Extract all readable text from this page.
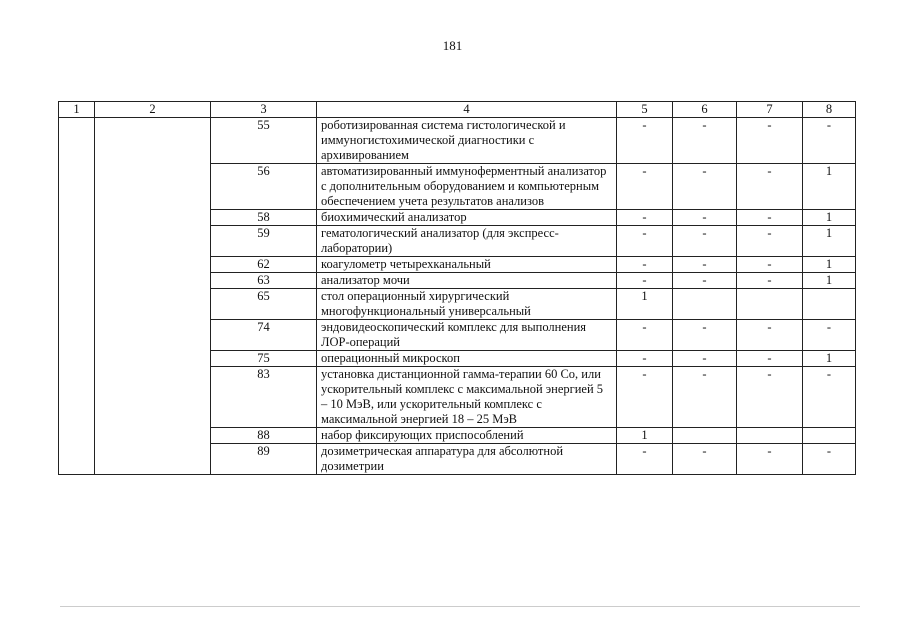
181
1	2	3	4	5	6	7	8
		55	роботизированная система гистологической и иммуногистохимической диагностики с архивированием	-	-	-	-
		56	автоматизированный иммуноферментный анализатор с дополнительным оборудованием и компьютерным обеспечением учета результатов анализов	-	-	-	1
		58	биохимический анализатор	-	-	-	1
		59	гематологический анализатор (для экспресс-лаборатории)	-	-	-	1
		62	коагулометр четырехканальный	-	-	-	1
		63	анализатор мочи	-	-	-	1
		65	стол операционный хирургический многофункциональный универсальный	1			
		74	эндовидеоскопический комплекс для выполнения ЛОР-операций	-	-	-	-
		75	операционный микроскоп	-	-	-	1
		83	установка дистанционной гамма-терапии 60 Со, или ускорительный комплекс с максимальной энергией 5 – 10 МэВ, или ускорительный комплекс с максимальной энергией 18 – 25 МэВ	-	-	-	-
		88	набор фиксирующих приспособлений	1			
		89	дозиметрическая аппаратура для абсолютной дозиметрии	-	-	-	-
